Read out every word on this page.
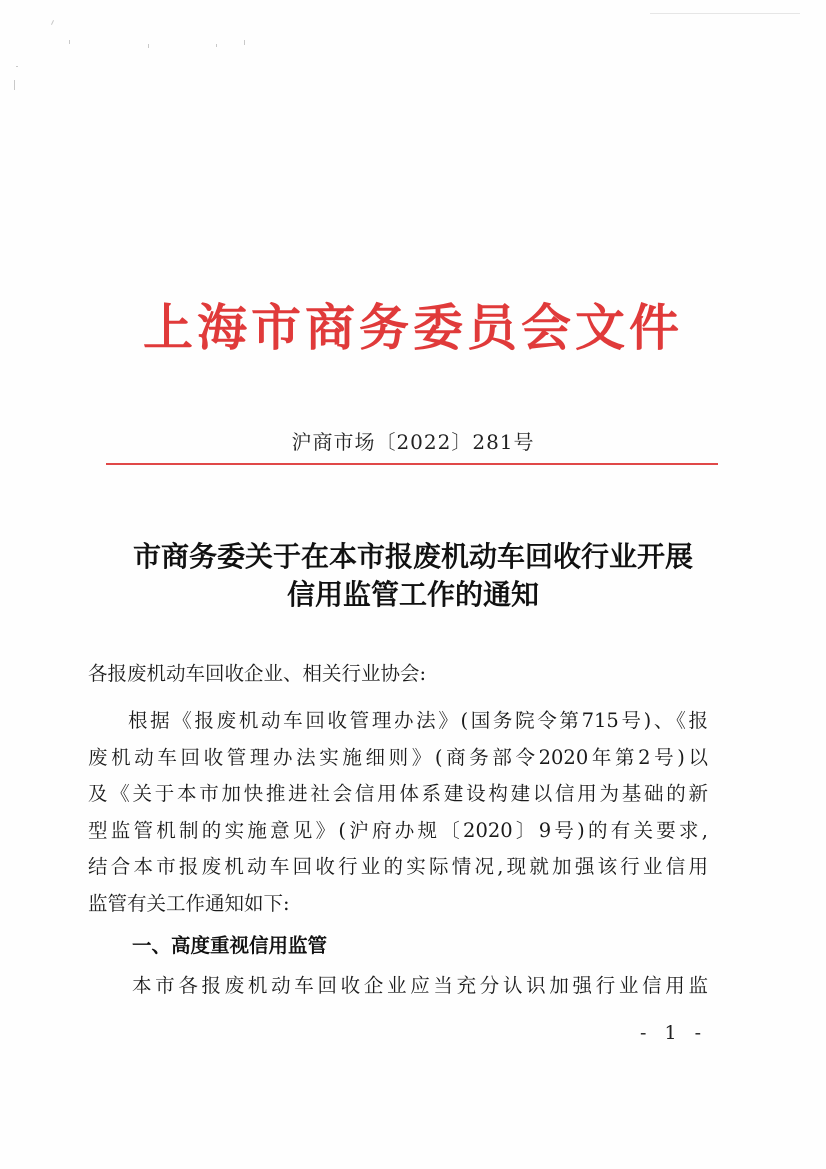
上海市商务委员会文件
沪商市场〔2022〕281号
市商务委关于在本市报废机动车回收行业开展
信用监管工作的通知
各报废机动车回收企业、相关行业协会:
根据《报废机动车回收管理办法》(国务院令第715号)、《报
废机动车回收管理办法实施细则》(商务部令2020年第2号)以
及《关于本市加快推进社会信用体系建设构建以信用为基础的新
型监管机制的实施意见》(沪府办规〔2020〕9号)的有关要求,
结合本市报废机动车回收行业的实际情况,现就加强该行业信用
监管有关工作通知如下:
一、高度重视信用监管
本市各报废机动车回收企业应当充分认识加强行业信用监
- 1 -
